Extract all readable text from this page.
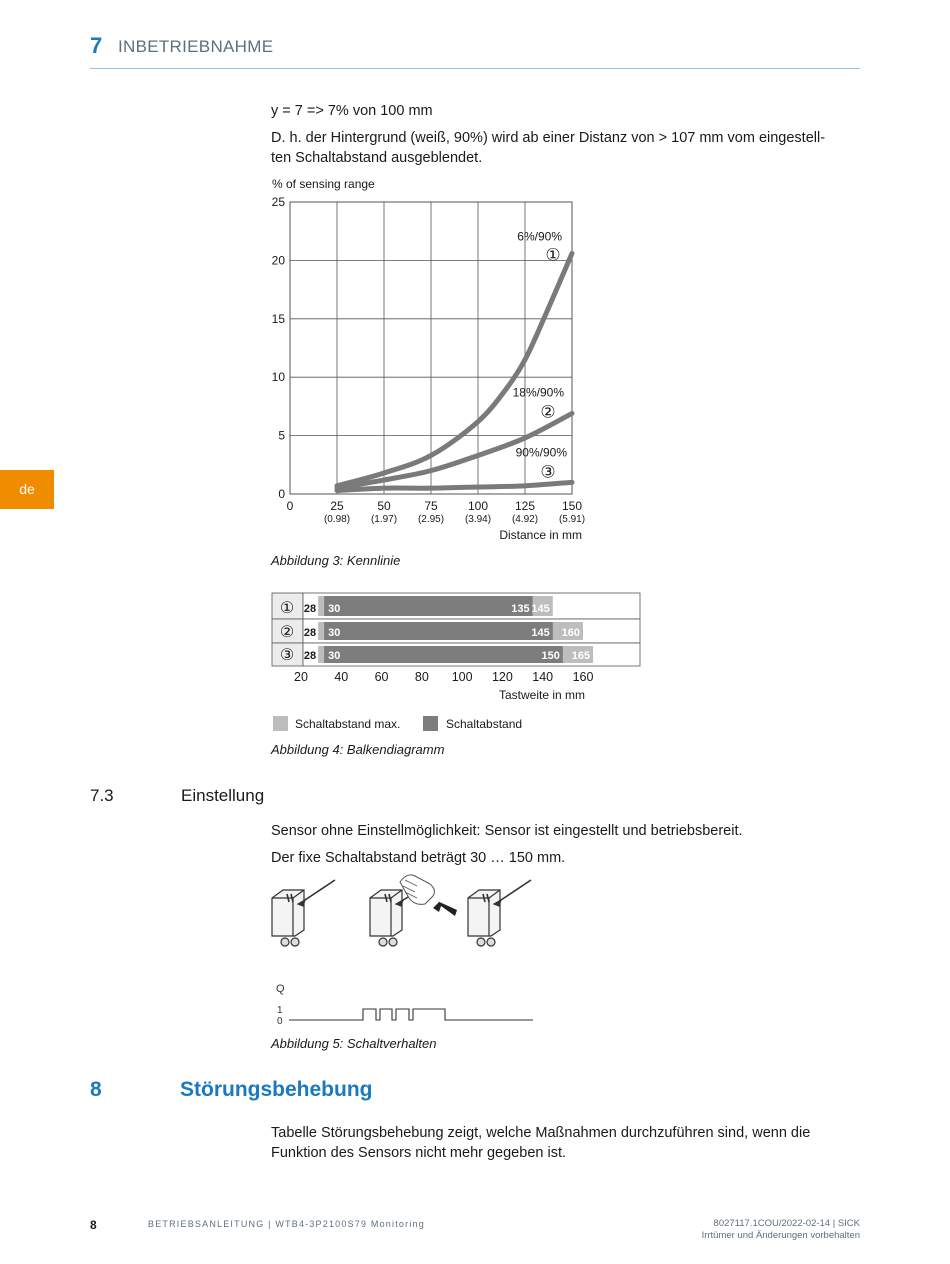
7 INBETRIEBNAHME
de
y = 7 => 7% von 100 mm
D. h. der Hintergrund (weiß, 90%) wird ab einer Distanz von > 107 mm vom eingestell-
ten Schaltabstand ausgeblendet.
% of sensing range
Distance in mm
0	25
(0.98)
50
(1.97)
75
(2.95)
100
(3.94)
125
(4.92)
150
(5.91)
0
5
10
15
20
25
6%/90%
①
18%/90%
②
90%/90%
③
Abbildung 3: Kennlinie
①
②
③
28 30	135 145
28 30	145 160
28 30	150 165
20 40 60 80 100 120 140 160
Tastweite in mm
Schaltabstand max.	Schaltabstand
Abbildung 4: Balkendiagramm
7.3	Einstellung
Sensor ohne Einstellmöglichkeit: Sensor ist eingestellt und betriebsbereit.
Der fixe Schaltabstand beträgt 30 … 150 mm.
Q
1
0
Abbildung 5: Schaltverhalten
8	Störungsbehebung
Tabelle Störungsbehebung zeigt, welche Maßnahmen durchzuführen sind, wenn die
Funktion des Sensors nicht mehr gegeben ist.
8	BETRIEBSANLEITUNG | WTB4-3P2100S79 Monitoring	8027117.1COU/2022-02-14 | SICK
Irrtümer und Änderungen vorbehalten
